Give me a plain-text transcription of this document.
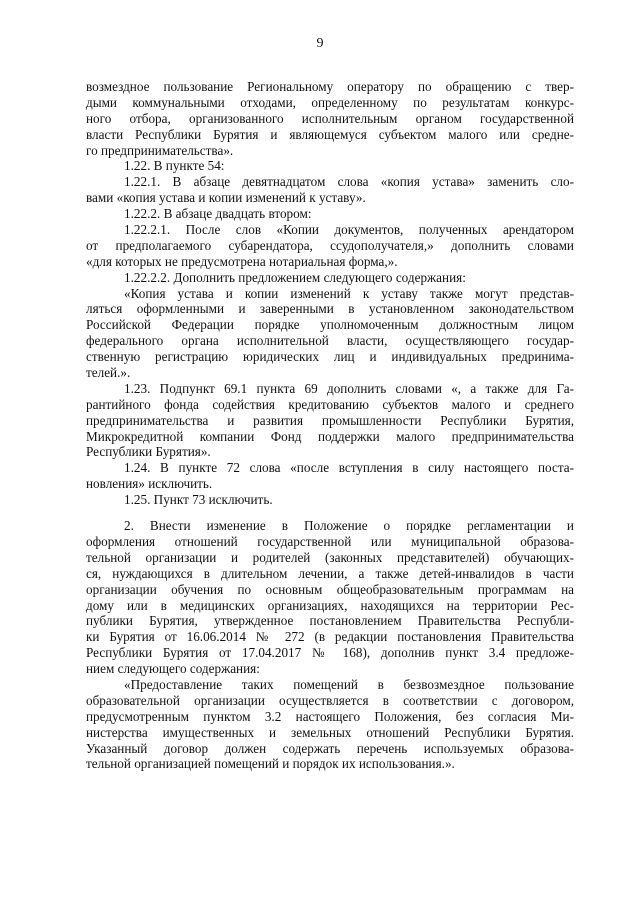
9
возмездное пользование Региональному оператору по обращению с твер-
дыми коммунальными отходами, определенному по результатам конкурс-
ного отбора, организованного исполнительным органом государственной
власти Республики Бурятия и являющемуся субъектом малого или средне-
го предпринимательства».
1.22. В пункте 54:
1.22.1. В абзаце девятнадцатом слова «копия устава» заменить сло-
вами «копия устава и копии изменений к уставу».
1.22.2. В абзаце двадцать втором:
1.22.2.1. После слов «Копии документов, полученных арендатором
от предполагаемого субарендатора, ссудополучателя,» дополнить словами
«для которых не предусмотрена нотариальная форма,».
1.22.2.2. Дополнить предложением следующего содержания:
«Копия устава и копии изменений к уставу также могут представ-
ляться оформленными и заверенными в установленном законодательством
Российской Федерации порядке уполномоченным должностным лицом
федерального органа исполнительной власти, осуществляющего государ-
ственную регистрацию юридических лиц и индивидуальных предринима-
телей.».
1.23. Подпункт 69.1 пункта 69 дополнить словами «, а также для Га-
рантийного фонда содействия кредитованию субъектов малого и среднего
предпринимательства и развития промышленности Республики Бурятия,
Микрокредитной компании Фонд поддержки малого предпринимательства
Республики Бурятия».
1.24. В пункте 72 слова «после вступления в силу настоящего поста-
новления» исключить.
1.25. Пункт 73 исключить.
2. Внести изменение в Положение о порядке регламентации и
оформления отношений государственной или муниципальной образова-
тельной организации и родителей (законных представителей) обучающих-
ся, нуждающихся в длительном лечении, а также детей-инвалидов в части
организации обучения по основным общеобразовательным программам на
дому или в медицинских организациях, находящихся на территории Рес-
публики Бурятия, утвержденное постановлением Правительства Республи-
ки Бурятия от 16.06.2014 № 272 (в редакции постановления Правительства
Республики Бурятия от 17.04.2017 № 168), дополнив пункт 3.4 предложе-
нием следующего содержания:
«Предоставление таких помещений в безвозмездное пользование
образовательной организации осуществляется в соответствии с договором,
предусмотренным пунктом 3.2 настоящего Положения, без согласия Ми-
нистерства имущественных и земельных отношений Республики Бурятия.
Указанный договор должен содержать перечень используемых образова-
тельной организацией помещений и порядок их использования.».
